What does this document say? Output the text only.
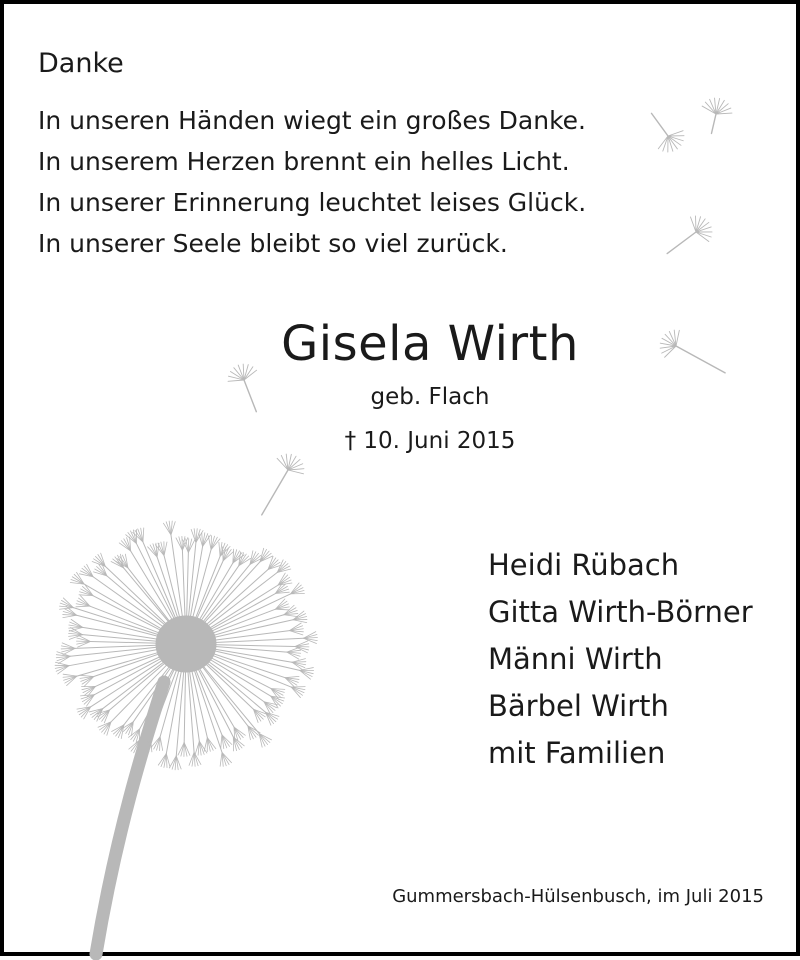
Danke
In unseren Händen wiegt ein großes Danke.
In unserem Herzen brennt ein helles Licht.
In unserer Erinnerung leuchtet leises Glück.
In unserer Seele bleibt so viel zurück.
Gisela Wirth
geb. Flach
† 10. Juni 2015
Heidi Rübach
Gitta Wirth-Börner
Männi Wirth
Bärbel Wirth
mit Familien
Gummersbach-Hülsenbusch, im Juli 2015
